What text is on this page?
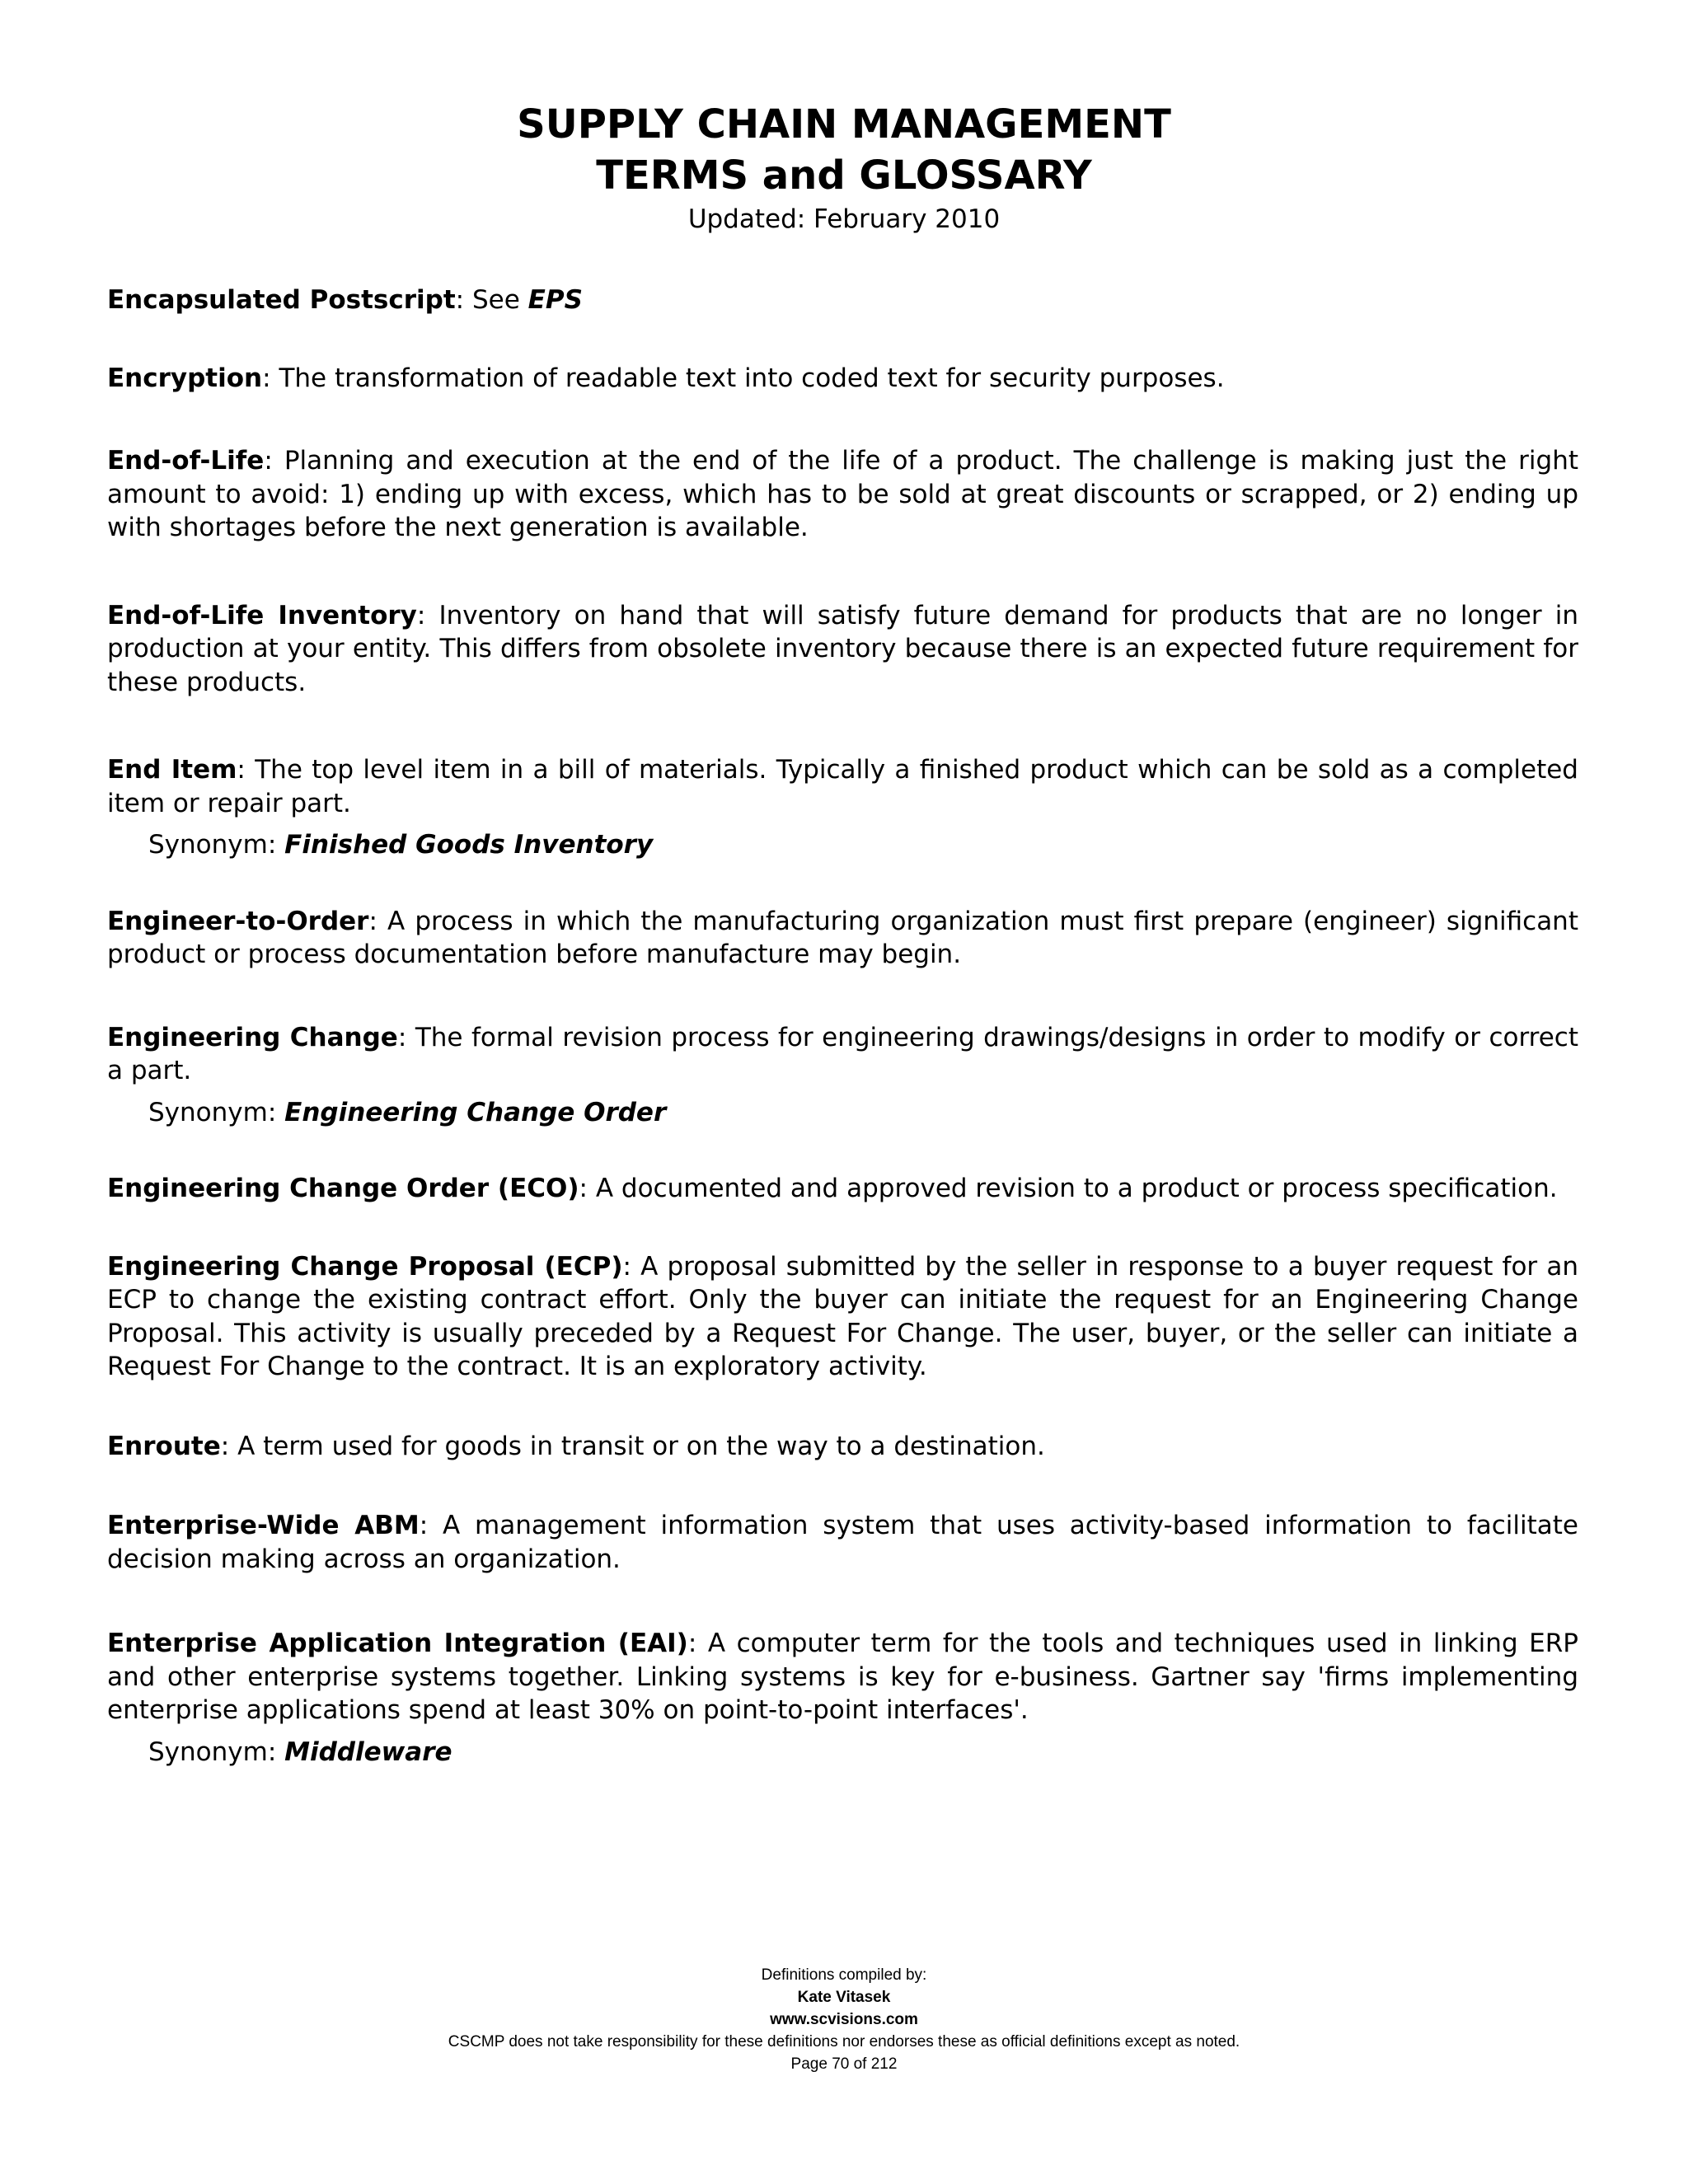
SUPPLY CHAIN MANAGEMENT
TERMS and GLOSSARY
Updated: February 2010
Encapsulated Postscript: See EPS
Encryption: The transformation of readable text into coded text for security purposes.
End-of-Life: Planning and execution at the end of the life of a product. The challenge is making just the right amount to avoid: 1) ending up with excess, which has to be sold at great discounts or scrapped, or 2) ending up with shortages before the next generation is available.
End-of-Life Inventory: Inventory on hand that will satisfy future demand for products that are no longer in production at your entity. This differs from obsolete inventory because there is an expected future requirement for these products.
End Item: The top level item in a bill of materials. Typically a finished product which can be sold as a completed item or repair part.
Synonym: Finished Goods Inventory
Engineer-to-Order: A process in which the manufacturing organization must first prepare (engineer) significant product or process documentation before manufacture may begin.
Engineering Change: The formal revision process for engineering drawings/designs in order to modify or correct a part.
Synonym: Engineering Change Order
Engineering Change Order (ECO): A documented and approved revision to a product or process specification.
Engineering Change Proposal (ECP): A proposal submitted by the seller in response to a buyer request for an ECP to change the existing contract effort. Only the buyer can initiate the request for an Engineering Change Proposal. This activity is usually preceded by a Request For Change. The user, buyer, or the seller can initiate a Request For Change to the contract. It is an exploratory activity.
Enroute: A term used for goods in transit or on the way to a destination.
Enterprise-Wide ABM: A management information system that uses activity-based information to facilitate decision making across an organization.
Enterprise Application Integration (EAI): A computer term for the tools and techniques used in linking ERP and other enterprise systems together. Linking systems is key for e-business. Gartner say 'firms implementing enterprise applications spend at least 30% on point-to-point interfaces'.
Synonym: Middleware
Definitions compiled by:
Kate Vitasek
www.scvisions.com
CSCMP does not take responsibility for these definitions nor endorses these as official definitions except as noted.
Page 70 of 212
